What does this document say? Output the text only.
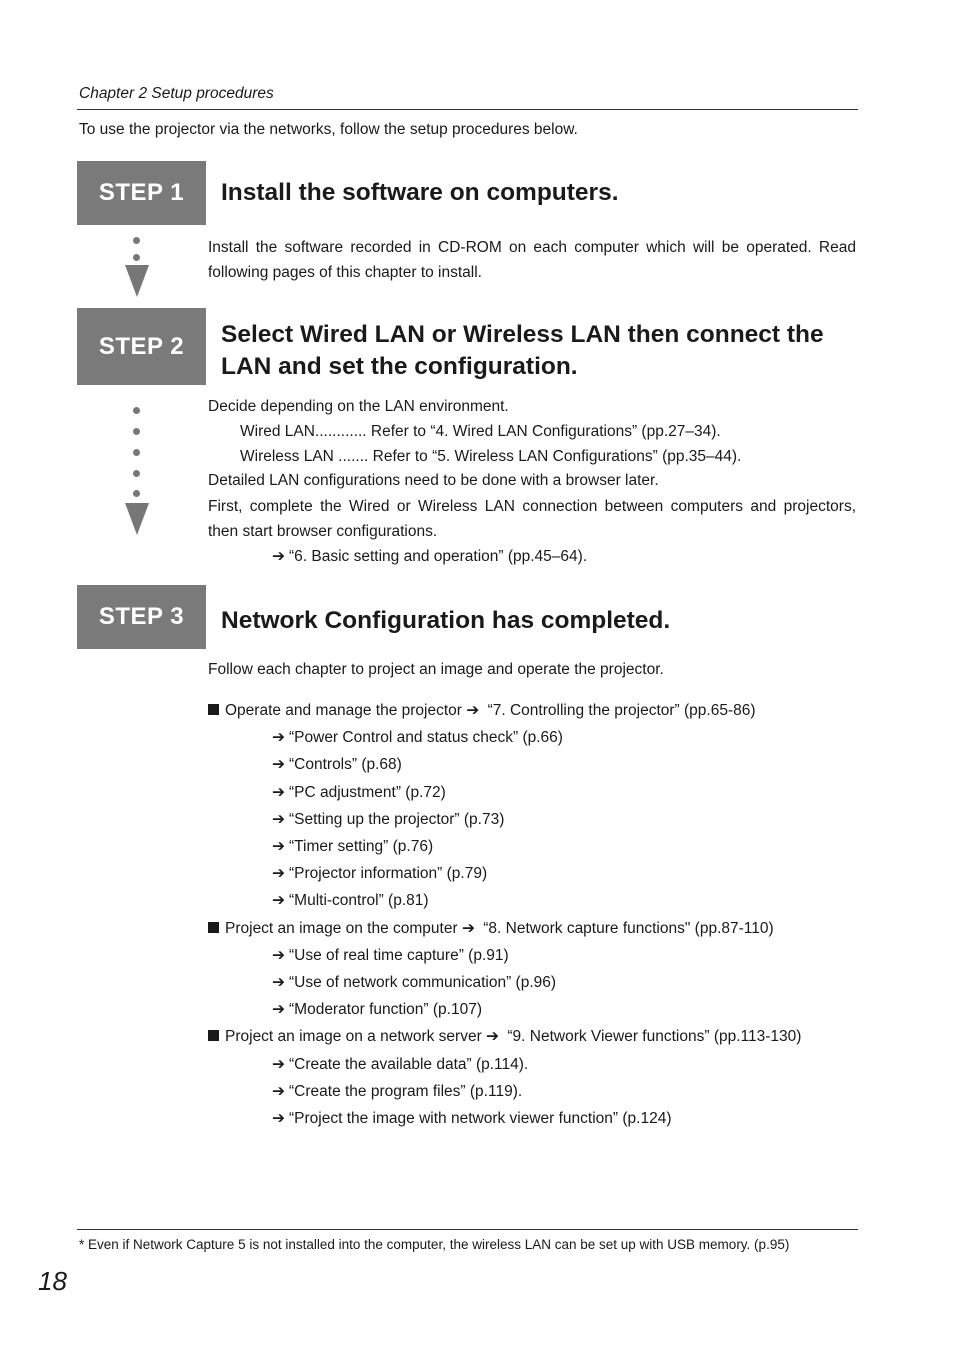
Chapter 2 Setup procedures
To use the projector via the networks, follow the setup procedures below.
STEP 1	Install the software on computers.
Install the software recorded in CD-ROM on each computer which will be operated. Read following pages of this chapter to install.
STEP 2	Select Wired LAN or Wireless LAN then connect the
LAN and set the configuration.
Decide depending on the LAN environment.
Wired LAN............ Refer to “4. Wired LAN Configurations” (pp.27–34).
Wireless LAN ....... Refer to “5. Wireless LAN Configurations” (pp.35–44).
Detailed LAN configurations need to be done with a browser later.
First, complete the Wired or Wireless LAN connection between computers and projectors, then start browser configurations.
➔ “6. Basic setting and operation” (pp.45–64).
STEP 3	Network Configuration has completed.
Follow each chapter to project an image and operate the projector.
Operate and manage the projector ➔ “7. Controlling the projector” (pp.65-86)
➔ “Power Control and status check” (p.66)
➔ “Controls” (p.68)
➔ “PC adjustment” (p.72)
➔ “Setting up the projector” (p.73)
➔ “Timer setting” (p.76)
➔ “Projector information” (p.79)
➔ “Multi-control” (p.81)
Project an image on the computer ➔ “8. Network capture functions" (pp.87-110)
➔ “Use of real time capture” (p.91)
➔ “Use of network communication” (p.96)
➔ “Moderator function” (p.107)
Project an image on a network server ➔ “9. Network Viewer functions” (pp.113-130)
➔ “Create the available data” (p.114).
➔ “Create the program files” (p.119).
➔ “Project the image with network viewer function” (p.124)
* Even if Network Capture 5 is not installed into the computer, the wireless LAN can be set up with USB memory. (p.95)
18
